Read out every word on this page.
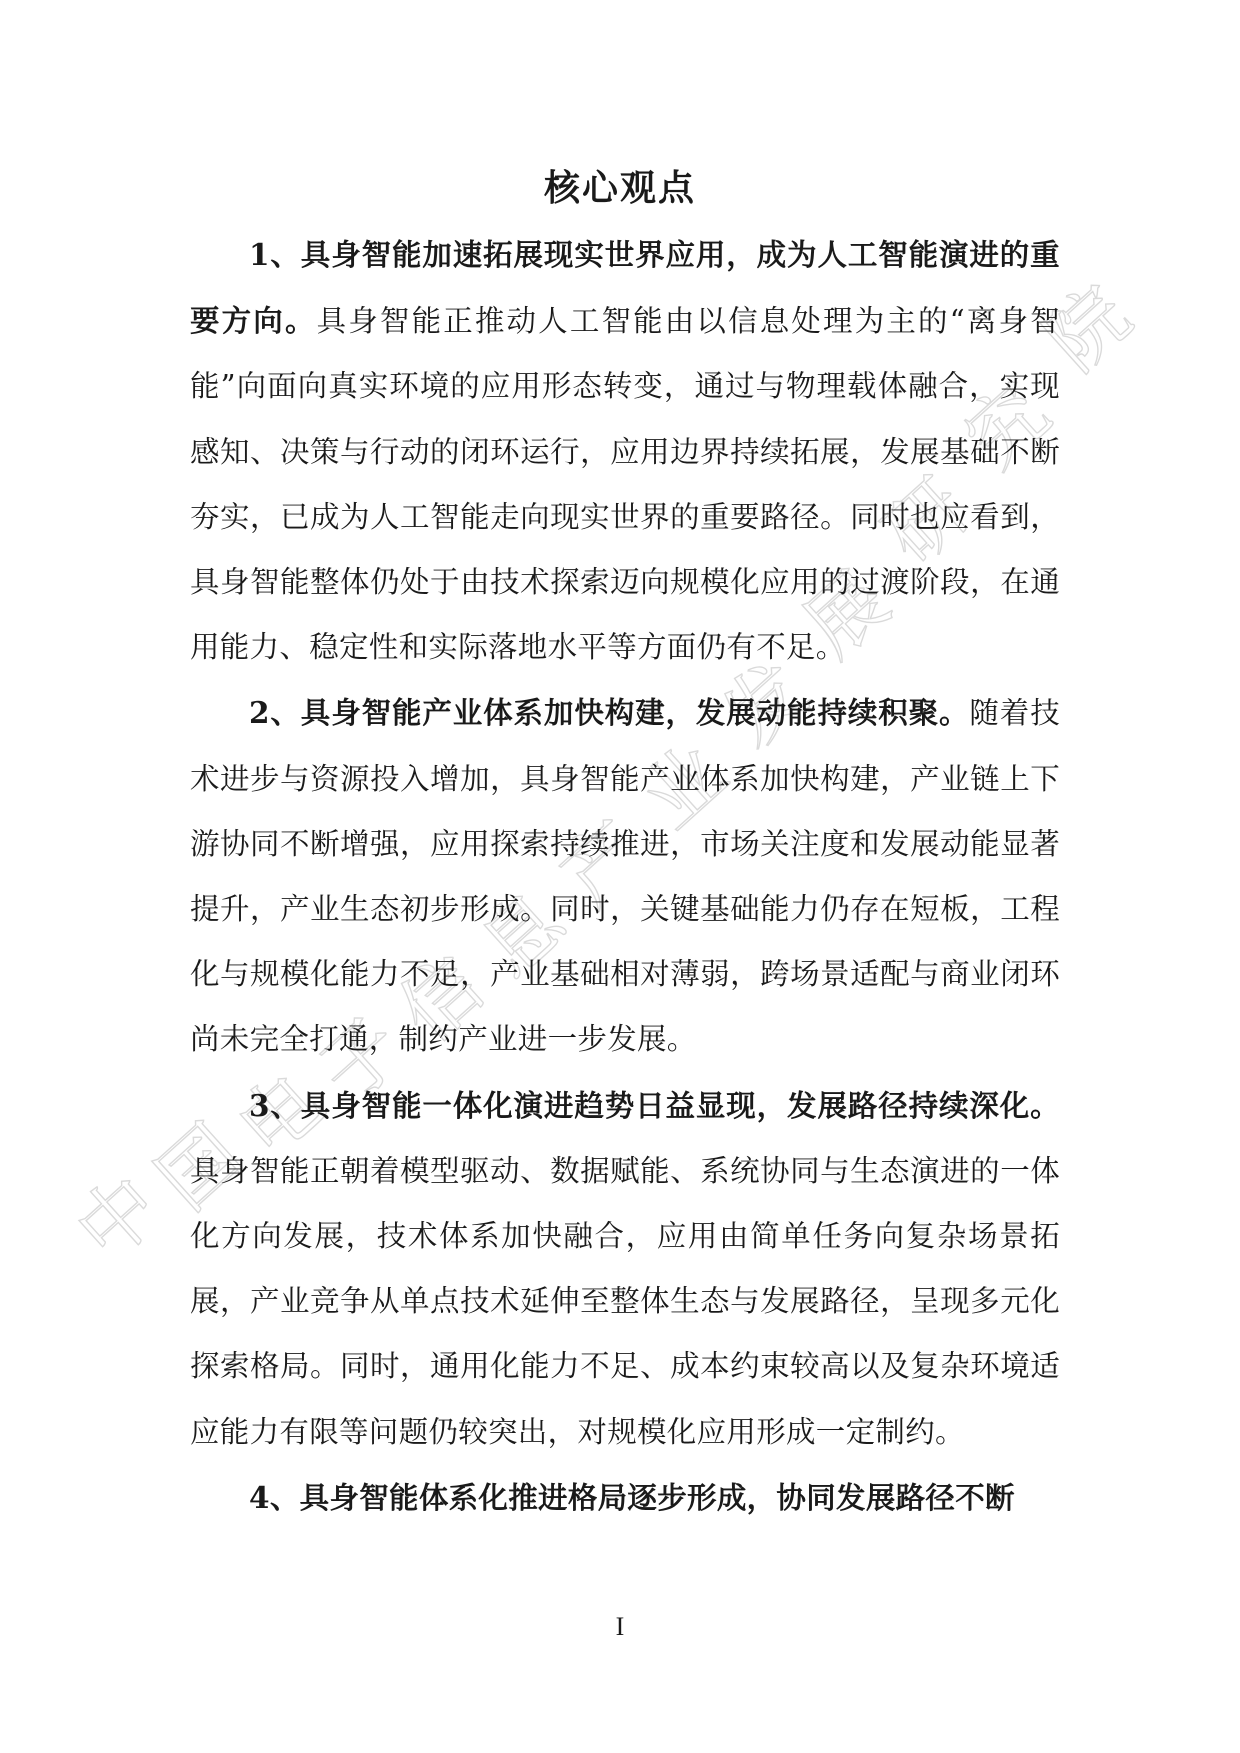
中
国
电
子
信
息
产
业
发
展
研
究
院
核心观点

1、具身智能加速拓展现实世界应用，成为人工智能演进的重要方向。具身智能正推动人工智能由以信息处理为主的“离身智能”向面向真实环境的应用形态转变，通过与物理载体融合，实现感知、决策与行动的闭环运行，应用边界持续拓展，发展基础不断夯实，已成为人工智能走向现实世界的重要路径。同时也应看到，具身智能整体仍处于由技术探索迈向规模化应用的过渡阶段，在通用能力、稳定性和实际落地水平等方面仍有不足。

2、具身智能产业体系加快构建，发展动能持续积聚。随着技术进步与资源投入增加，具身智能产业体系加快构建，产业链上下游协同不断增强，应用探索持续推进，市场关注度和发展动能显著提升，产业生态初步形成。同时，关键基础能力仍存在短板，工程化与规模化能力不足，产业基础相对薄弱，跨场景适配与商业闭环尚未完全打通，制约产业进一步发展。

3、具身智能一体化演进趋势日益显现，发展路径持续深化。具身智能正朝着模型驱动、数据赋能、系统协同与生态演进的一体化方向发展，技术体系加快融合，应用由简单任务向复杂场景拓展，产业竞争从单点技术延伸至整体生态与发展路径，呈现多元化探索格局。同时，通用化能力不足、成本约束较高以及复杂环境适应能力有限等问题仍较突出，对规模化应用形成一定制约。

4、具身智能体系化推进格局逐步形成，协同发展路径不断

I
